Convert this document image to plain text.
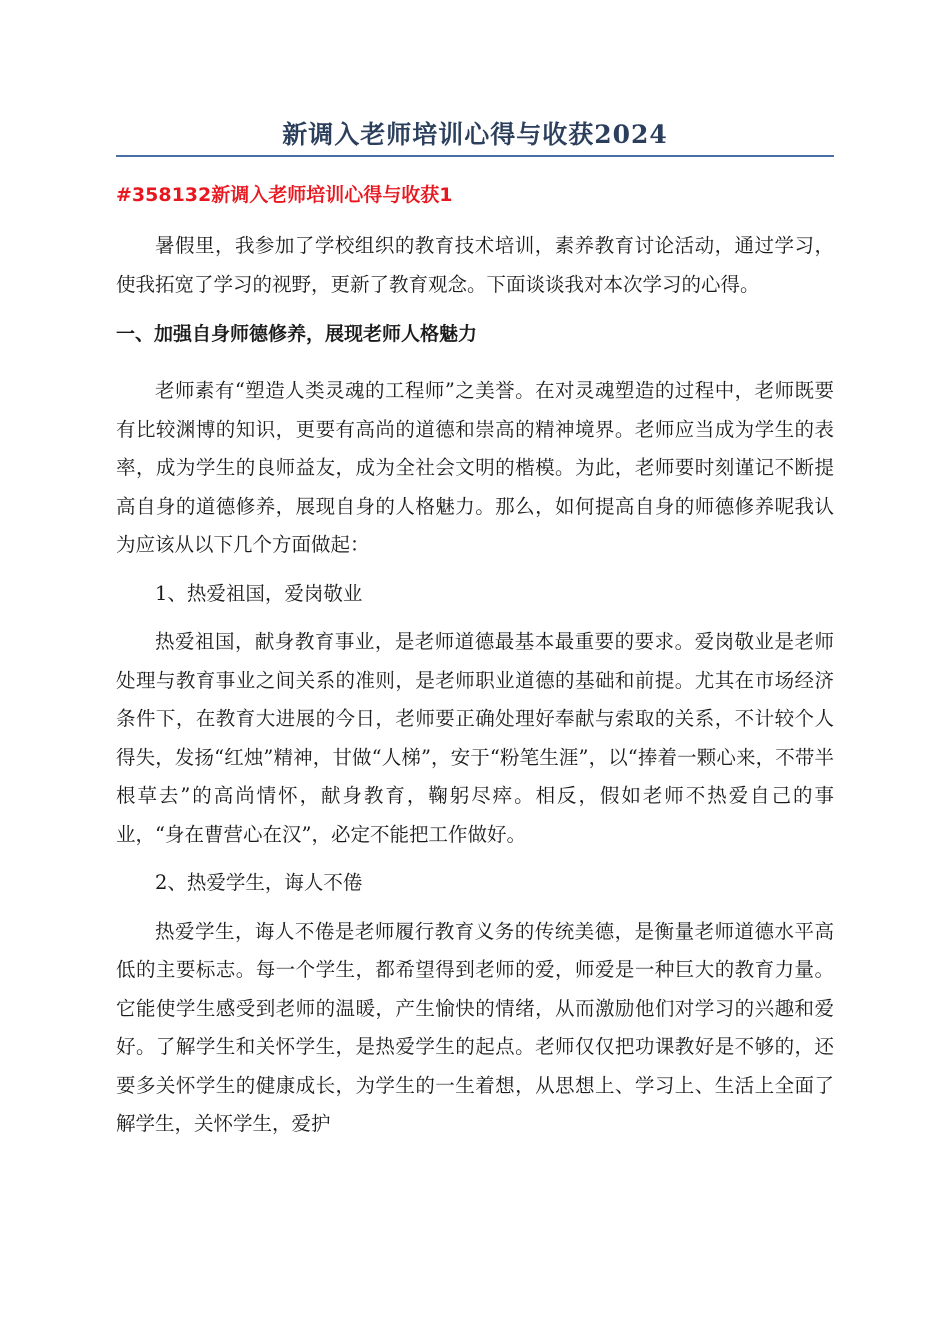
新调入老师培训心得与收获2024

#358132新调入老师培训心得与收获1

暑假里，我参加了学校组织的教育技术培训，素养教育讨论活动，通过学习，使我拓宽了学习的视野，更新了教育观念。下面谈谈我对本次学习的心得。

一、加强自身师德修养，展现老师人格魅力

老师素有“塑造人类灵魂的工程师”之美誉。在对灵魂塑造的过程中，老师既要有比较渊博的知识，更要有高尚的道德和崇高的精神境界。老师应当成为学生的表率，成为学生的良师益友，成为全社会文明的楷模。为此，老师要时刻谨记不断提高自身的道德修养，展现自身的人格魅力。那么，如何提高自身的师德修养呢我认为应该从以下几个方面做起：

1、热爱祖国，爱岗敬业

热爱祖国，献身教育事业，是老师道德最基本最重要的要求。爱岗敬业是老师处理与教育事业之间关系的准则，是老师职业道德的基础和前提。尤其在市场经济条件下，在教育大进展的今日，老师要正确处理好奉献与索取的关系，不计较个人得失，发扬“红烛”精神，甘做“人梯”，安于“粉笔生涯”，以“捧着一颗心来，不带半根草去”的高尚情怀，献身教育，鞠躬尽瘁。相反，假如老师不热爱自己的事业，“身在曹营心在汉”，必定不能把工作做好。

2、热爱学生，诲人不倦

热爱学生，诲人不倦是老师履行教育义务的传统美德，是衡量老师道德水平高低的主要标志。每一个学生，都希望得到老师的爱，师爱是一种巨大的教育力量。它能使学生感受到老师的温暖，产生愉快的情绪，从而激励他们对学习的兴趣和爱好。了解学生和关怀学生，是热爱学生的起点。老师仅仅把功课教好是不够的，还要多关怀学生的健康成长，为学生的一生着想，从思想上、学习上、生活上全面了解学生，关怀学生，爱护
